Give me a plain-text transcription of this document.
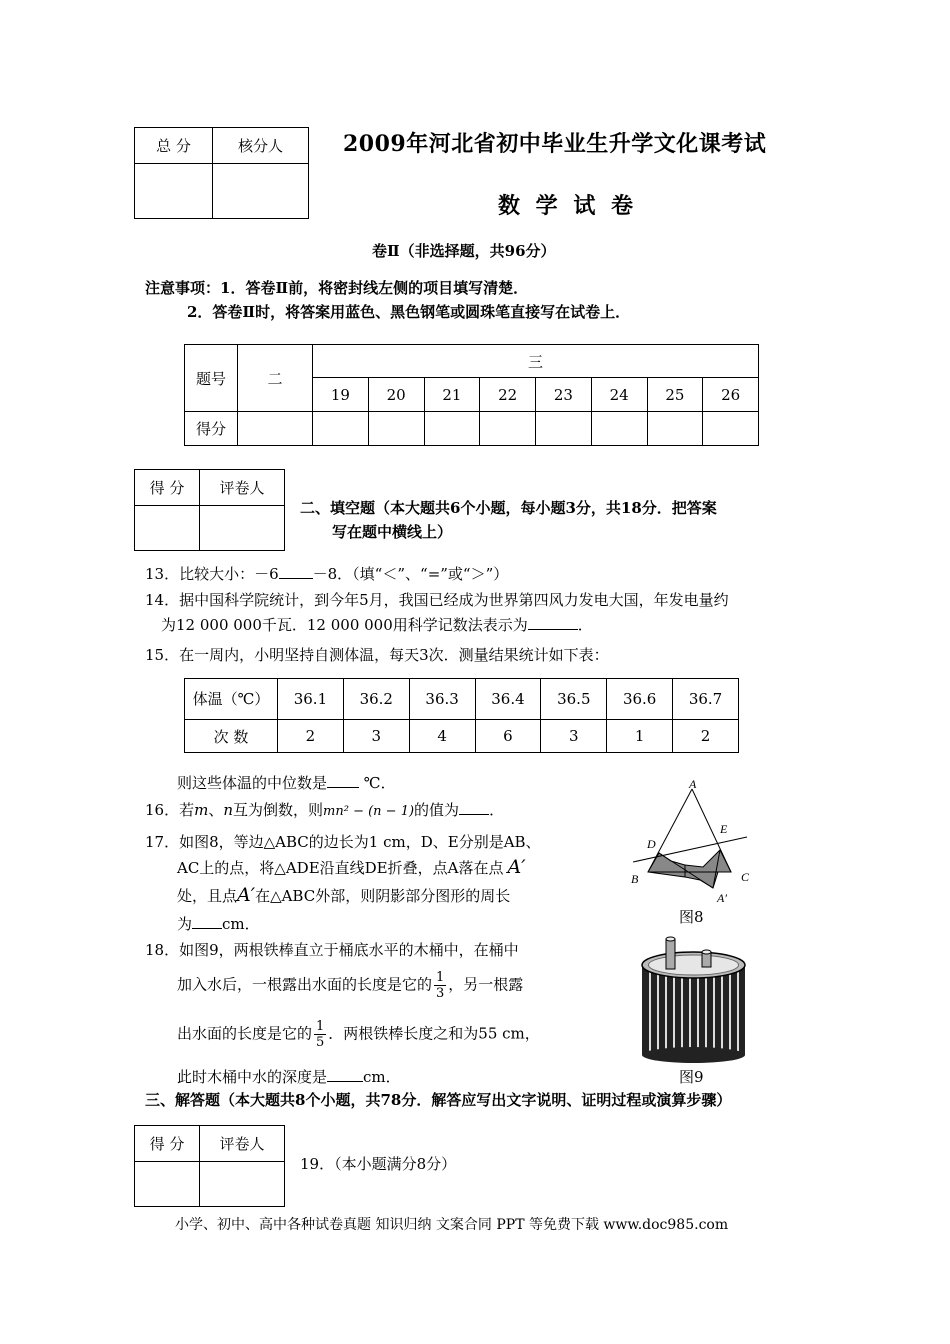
总 分	核分人
		2009年河北省初中毕业生升学文化课考试
数 学 试 卷
卷Ⅱ（非选择题，共96分）
注意事项：1．答卷Ⅱ前，将密封线左侧的项目填写清楚．
2．答卷Ⅱ时，将答案用蓝色、黑色钢笔或圆珠笔直接写在试卷上．
题号	二	三							
		19	20	21	22	23	24	25	26
得分									
得 分	评卷人

二、填空题（本大题共6个小题，每小题3分，共18分．把答案
写在题中横线上）
13．比较大小：－6 －8．（填“＜”、“=”或“＞”）
14．据中国科学院统计，到今年5月，我国已经成为世界第四风力发电大国，年发电量约
为12 000 000千瓦．12 000 000用科学记数法表示为	．
15．在一周内，小明坚持自测体温，每天3次．测量结果统计如下表：
体温（℃）	36.1	36.2	36.3	36.4	36.5	36.6	36.7
次 数	2	3	4	6	3	1	2
则这些体温的中位数是 ℃．
16．若m、n互为倒数，则mn² − (n − 1)的值为 ．
17．如图8，等边△ABC的边长为1 cm，D、E分别是AB、
AC上的点，将△ADE沿直线DE折叠，点A落在点 A′
处，且点A′在△ABC外部，则阴影部分图形的周长
为 cm．
A
D
E
B	C
A′
图8
18．如图9，两根铁棒直立于桶底水平的木桶中，在桶中
加入水后，一根露出水面的长度是它的 $\frac{1}{3}$ ，另一根露
出水面的长度是它的 $\frac{1}{5}$ ．两根铁棒长度之和为55 cm，
此时木桶中水的深度是 cm．	图9
三、解答题（本大题共8个小题，共78分．解答应写出文字说明、证明过程或演算步骤）
得 分	评卷人

19．（本小题满分8分）
小学、初中、高中各种试卷真题 知识归纳 文案合同 PPT 等免费下载 www.doc985.com
